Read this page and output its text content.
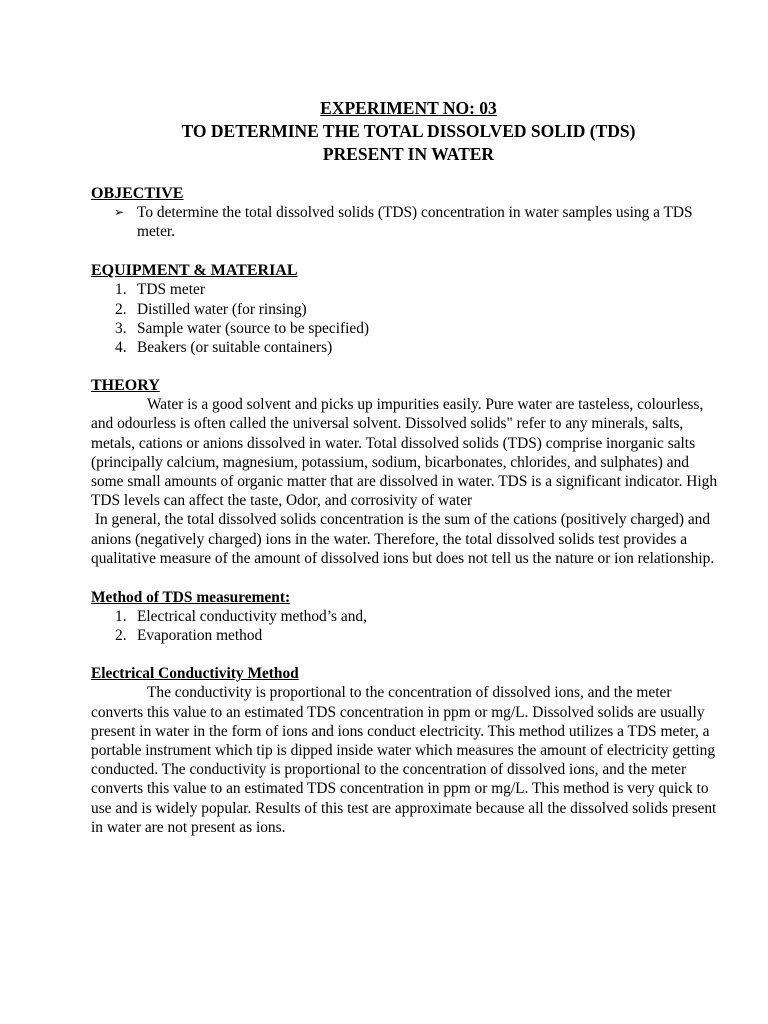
EXPERIMENT NO: 03
TO DETERMINE THE TOTAL DISSOLVED SOLID (TDS)
PRESENT IN WATER
OBJECTIVE
➢ To determine the total dissolved solids (TDS) concentration in water samples using a TDS meter.
EQUIPMENT & MATERIAL
1. TDS meter
2. Distilled water (for rinsing)
3. Sample water (source to be specified)
4. Beakers (or suitable containers)
THEORY

Water is a good solvent and picks up impurities easily. Pure water are tasteless, colourless, and odourless is often called the universal solvent. Dissolved solids" refer to any minerals, salts, metals, cations or anions dissolved in water. Total dissolved solids (TDS) comprise inorganic salts (principally calcium, magnesium, potassium, sodium, bicarbonates, chlorides, and sulphates) and some small amounts of organic matter that are dissolved in water. TDS is a significant indicator. High TDS levels can affect the taste, Odor, and corrosivity of water

In general, the total dissolved solids concentration is the sum of the cations (positively charged) and anions (negatively charged) ions in the water. Therefore, the total dissolved solids test provides a qualitative measure of the amount of dissolved ions but does not tell us the nature or ion relationship.

Method of TDS measurement:
1. Electrical conductivity method’s and,
2. Evaporation method
Electrical Conductivity Method

The conductivity is proportional to the concentration of dissolved ions, and the meter converts this value to an estimated TDS concentration in ppm or mg/L. Dissolved solids are usually present in water in the form of ions and ions conduct electricity. This method utilizes a TDS meter, a portable instrument which tip is dipped inside water which measures the amount of electricity getting conducted. The conductivity is proportional to the concentration of dissolved ions, and the meter converts this value to an estimated TDS concentration in ppm or mg/L. This method is very quick to use and is widely popular. Results of this test are approximate because all the dissolved solids present in water are not present as ions.
